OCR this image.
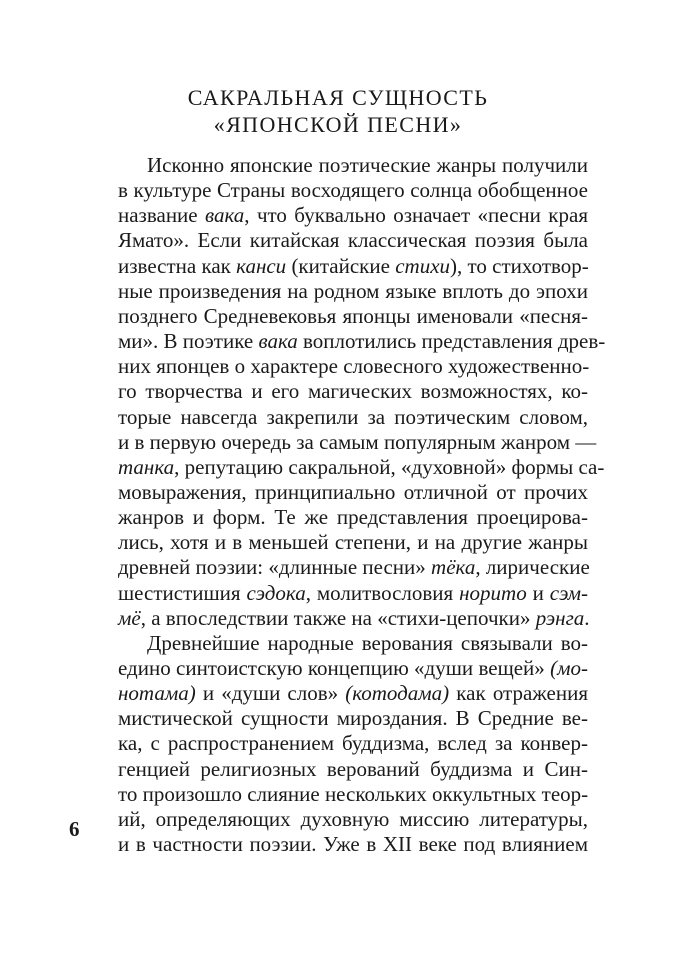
САКРАЛЬНАЯ СУЩНОСТЬ
«ЯПОНСКОЙ ПЕСНИ»
Исконно японские поэтические жанры получили
в культуре Страны восходящего солнца обобщенное
название вака, что буквально означает «песни края
Ямато». Если китайская классическая поэзия была
известна как канси (китайские стихи), то стихотвор-
ные произведения на родном языке вплоть до эпохи
позднего Средневековья японцы именовали «песня-
ми». В поэтике вака воплотились представления древ-
них японцев о характере словесного художественно-
го творчества и его магических возможностях, ко-
торые навсегда закрепили за поэтическим словом,
и в первую очередь за самым популярным жанром —
танка, репутацию сакральной, «духовной» формы са-
мовыражения, принципиально отличной от прочих
жанров и форм. Те же представления проецирова-
лись, хотя и в меньшей степени, и на другие жанры
древней поэзии: «длинные песни» тёка, лирические
шестистишия сэдока, молитвословия норито и сэм-
мё, а впоследствии также на «стихи-цепочки» рэнга.
Древнейшие народные верования связывали во-
едино синтоистскую концепцию «души вещей» (мо-
нотама) и «души слов» (котодама) как отражения
мистической сущности мироздания. В Средние ве-
ка, с распространением буддизма, вслед за конвер-
генцией религиозных верований буддизма и Син-
то произошло слияние нескольких оккультных теор-
ий, определяющих духовную миссию литературы,
и в частности поэзии. Уже в XII веке под влиянием
6
